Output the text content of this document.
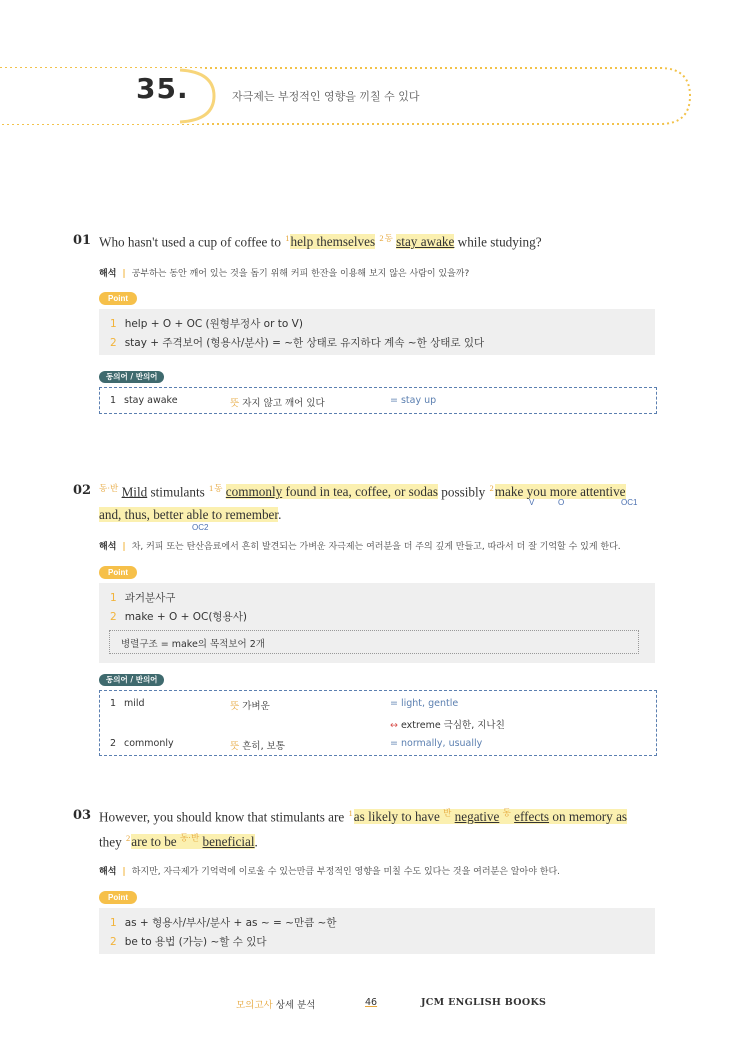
35.	자극제는 부정적인 영향을 끼칠 수 있다
01 Who hasn't used a cup of coffee to $^1$help themselves $^{2동}$ stay awake while studying?
해석 | 공부하는 동안 깨어 있는 것을 돕기 위해 커피 한잔을 이용해 보지 않은 사람이 있을까?
Point
1 help + O + OC (원형부정사 or to V)
2 stay + 주격보어 (형용사/분사) = ~한 상태로 유지하다 계속 ~한 상태로 있다
동의어 / 반의어
1 stay awake	뜻 자지 않고 깨어 있다	= stay up
02 $^{동\cdot 반}$ Mild stimulants $^{1동}$ commonly found in tea, coffee, or sodas possibly $^2$make you more attentive
V	O	OC1
and, thus, better able to remember.
OC2
해석 | 차, 커피 또는 탄산음료에서 흔히 발견되는 가벼운 자극제는 여러분을 더 주의 깊게 만들고, 따라서 더 잘 기억할 수 있게 한다.
Point
1 과거분사구
2 make + O + OC(형용사)
병렬구조 = make의 목적보어 2개
동의어 / 반의어
1 mild	뜻 가벼운	= light, gentle
↔ extreme 극심한, 지나친
2 commonly	뜻 흔히, 보통	= normally, usually
03 However, you should know that stimulants are $^1$as likely to have $^반$ negative $^동$ effects on memory as
they $^2$are to be $^{동\cdot 반}$ beneficial.
해석 | 하지만, 자극제가 기억력에 이로울 수 있는만큼 부정적인 영향을 미칠 수도 있다는 것을 여러분은 알아야 한다.
Point
1 as + 형용사/부사/분사 + as ~ = ~만큼 ~한
2 be to 용법 (가능) ~할 수 있다
모의고사 상세 분석	46	JCM ENGLISH BOOKS
